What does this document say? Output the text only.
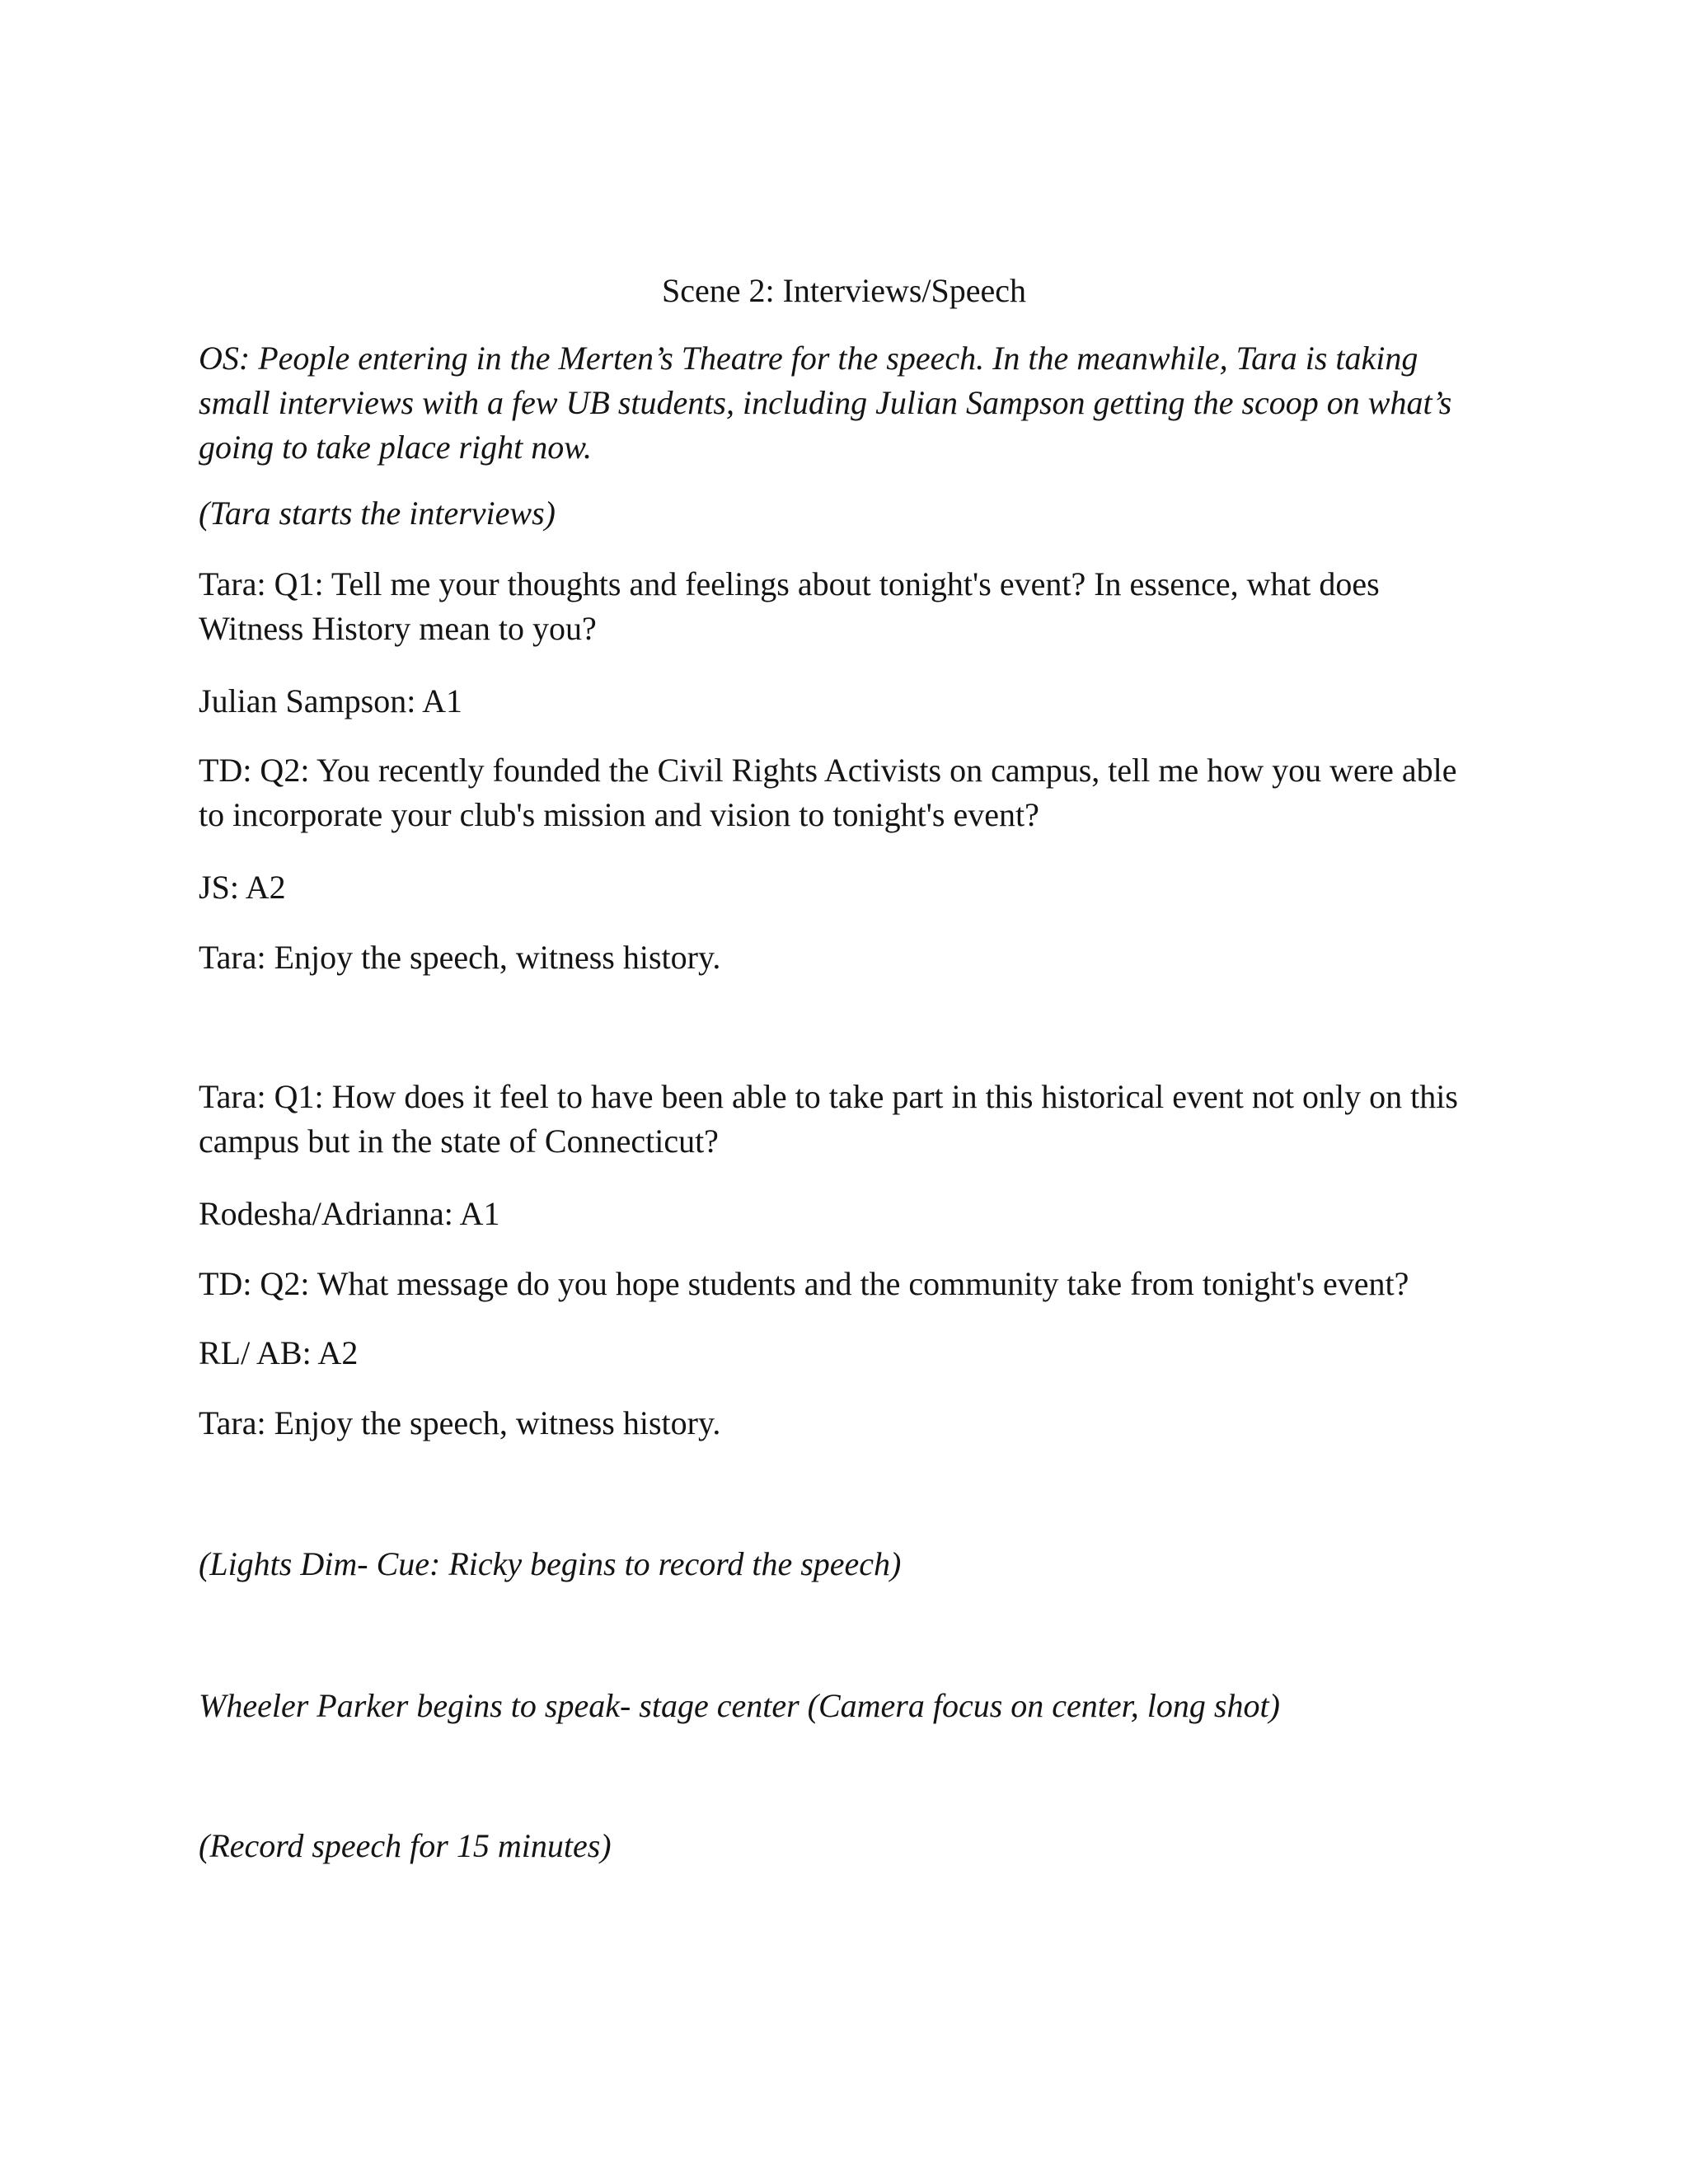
Scene 2: Interviews/Speech
OS: People entering in the Merten’s Theatre for the speech. In the meanwhile, Tara is taking
small interviews with a few UB students, including Julian Sampson getting the scoop on what’s
going to take place right now.
(Tara starts the interviews)
Tara: Q1: Tell me your thoughts and feelings about tonight's event? In essence, what does
Witness History mean to you?
Julian Sampson: A1
TD: Q2: You recently founded the Civil Rights Activists on campus, tell me how you were able
to incorporate your club's mission and vision to tonight's event?
JS: A2
Tara: Enjoy the speech, witness history.
Tara: Q1: How does it feel to have been able to take part in this historical event not only on this
campus but in the state of Connecticut?
Rodesha/Adrianna: A1
TD: Q2: What message do you hope students and the community take from tonight's event?
RL/ AB: A2
Tara: Enjoy the speech, witness history.
(Lights Dim- Cue: Ricky begins to record the speech)
Wheeler Parker begins to speak- stage center (Camera focus on center, long shot)
(Record speech for 15 minutes)
